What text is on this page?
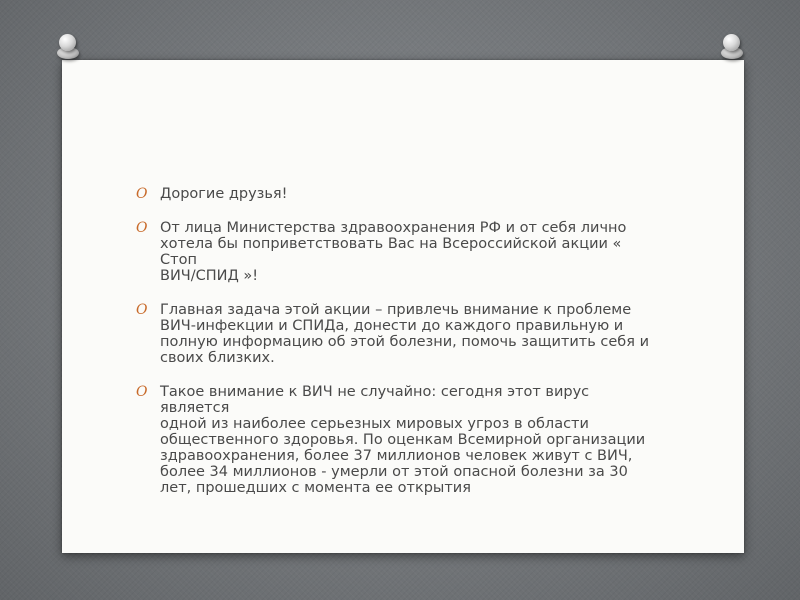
O Дорогие друзья!
O От лица Министерства здравоохранения РФ и от себя лично
хотела бы поприветствовать Вас на Всероссийской акции « Стоп
ВИЧ/СПИД »!
O Главная задача этой акции – привлечь внимание к проблеме
ВИЧ-инфекции и СПИДа, донести до каждого правильную и
полную информацию об этой болезни, помочь защитить себя и
своих близких.
O Такое внимание к ВИЧ не случайно: сегодня этот вирус является
одной из наиболее серьезных мировых угроз в области
общественного здоровья. По оценкам Всемирной организации
здравоохранения, более 37 миллионов человек живут с ВИЧ,
более 34 миллионов - умерли от этой опасной болезни за 30
лет, прошедших с момента ее открытия
